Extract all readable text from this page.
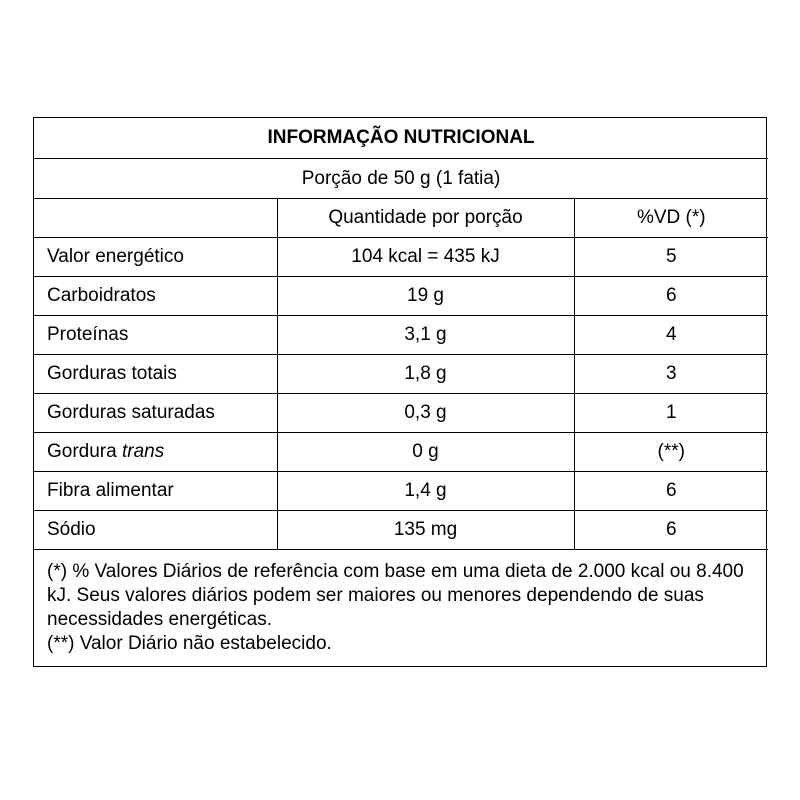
INFORMAÇÃO NUTRICIONAL		
Porção de 50 g (1 fatia)		
	Quantidade por porção	%VD (*)
Valor energético	104 kcal = 435 kJ	5
Carboidratos	19 g	6
Proteínas	3,1 g	4
Gorduras totais	1,8 g	3
Gorduras saturadas	0,3 g	1
Gordura trans	0 g	(**)
Fibra alimentar	1,4 g	6
Sódio	135 mg	6

(*) % Valores Diários de referência com base em uma dieta de 2.000 kcal ou 8.400 kJ. Seus valores diários podem ser maiores ou menores dependendo de suas necessidades energéticas.

(**) Valor Diário não estabelecido.
